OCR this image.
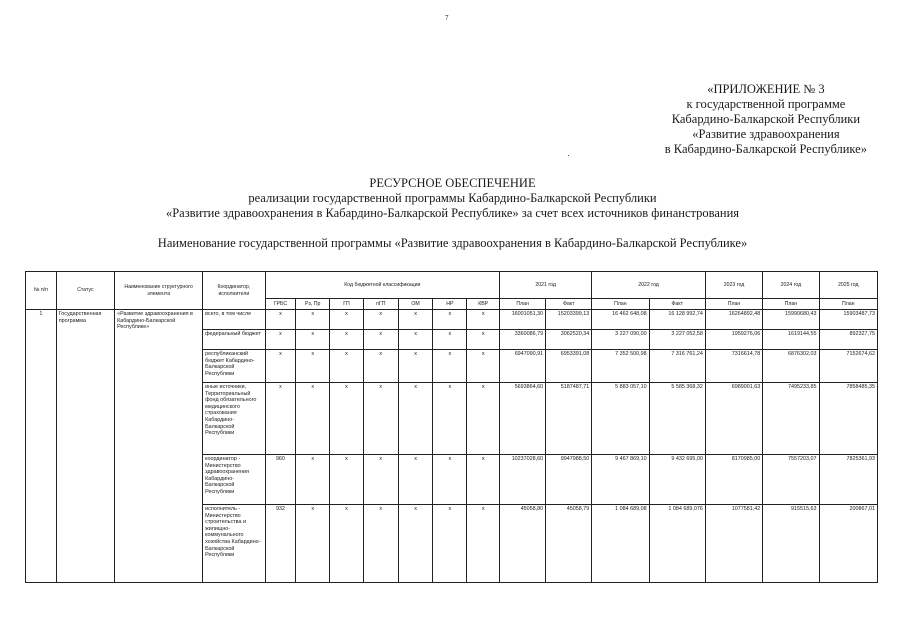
7
«ПРИЛОЖЕНИЕ № 3
к государственной программе
Кабардино-Балкарской Республики
«Развитие здравоохранения
в Кабардино-Балкарской Республике»
РЕСУРСНОЕ ОБЕСПЕЧЕНИЕ
реализации государственной программы Кабардино-Балкарской Республики
«Развитие здравоохранения в Кабардино-Балкарской Республике» за счет всех источников финанстрования
Наименование государственной программы «Развитие здравоохранения в Кабардино-Балкарской Республике»
№ п/п	Статус	Наименование структурного элемента	Координатор, исполнители	Код бюджетной классификации							2021 год		2022 год		2023 год	2024 год	2025 год
				ГРБС	Рз, Пр	ГП	пГП	ОМ	НР	КВР	План	Факт	План	Факт	План	План	План
1	Государственная программа	«Развитие здравоохранения в Кабардино-Балкарской Республике»	всего, в том числе	х	х	х	х	х	х	х	16001051,30	15203399,13	16 462 648,08	16 128 992,74	16264892,48	15990680,43	15903487,73
			федеральный бюджет	х	х	х	х	х	х	х	3360086,79	3062520,34	3 227 090,00	3 227 052,58	1959276,06	1619144,55	892327,75
			республиканский бюджет Кабардино-Балкарской Республики	х	х	х	х	х	х	х	6947090,91	6953391,08	7 352 500,98	7 316 761,24	7316614,78	6876302,03	7152674,62
			иные источники, Территориальный фонд обязательного медицинского страхования Кабардино-Балкарской Республики	х	х	х	х	х	х	х	5693864,60	5187487,71	5 883 057,10	5 585 368,32	6989001,63	7495233,85	7858485,35
			координатор - Министерство здравоохранения Кабардино-Балкарской Республики	960	х	х	х	х	х	х	10237028,60	9947988,50	9 467 869,10	9 432 695,00	8170985,00	7557203,07	7825361,93
			исполнитель - Министерство строительства и жилищно-коммунального хозяйства Кабардино-Балкарской Республики	932	х	х	х	х	х	х	45058,80	45058,79	1 084 689,08	1 084 689,076	1077581,42	915515,63	200867,01
